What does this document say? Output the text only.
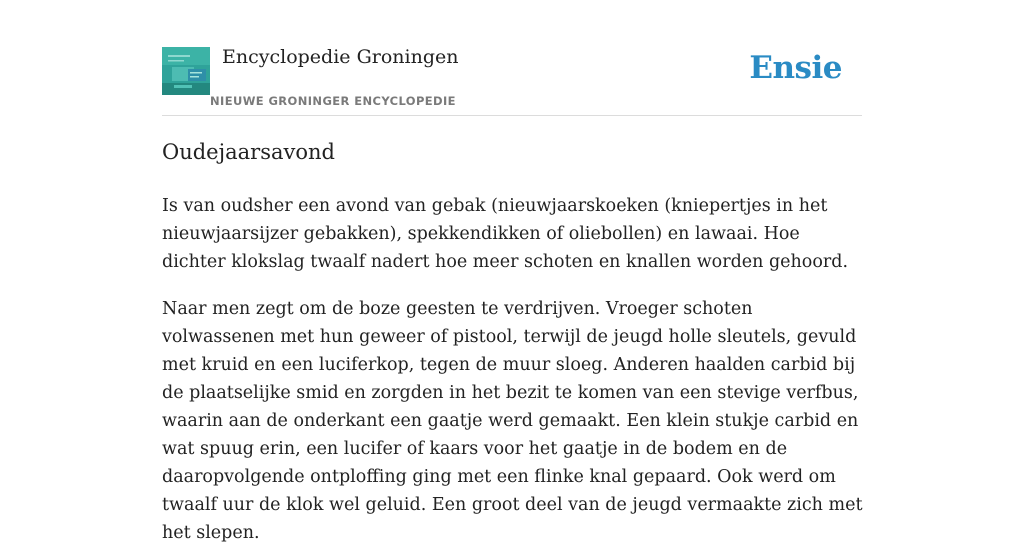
Encyclopedie Groningen
NIEUWE GRONINGER ENCYCLOPEDIE
Ensie
Oudejaarsavond

Is van oudsher een avond van gebak (nieuwjaarskoeken (kniepertjes in het nieuwjaarsijzer gebakken), spekkendikken of oliebollen) en lawaai. Hoe dichter klokslag twaalf nadert hoe meer schoten en knallen worden gehoord.

Naar men zegt om de boze geesten te verdrijven. Vroeger schoten volwassenen met hun geweer of pistool, terwijl de jeugd holle sleutels, gevuld met kruid en een luciferkop, tegen de muur sloeg. Anderen haalden carbid bij de plaatselijke smid en zorgden in het bezit te komen van een stevige verfbus, waarin aan de onderkant een gaatje werd gemaakt. Een klein stukje carbid en wat spuug erin, een lucifer of kaars voor het gaatje in de bodem en de daaropvolgende ontploffing ging met een flinke knal gepaard. Ook werd om twaalf uur de klok wel geluid. Een groot deel van de jeugd vermaakte zich met het slepen.
